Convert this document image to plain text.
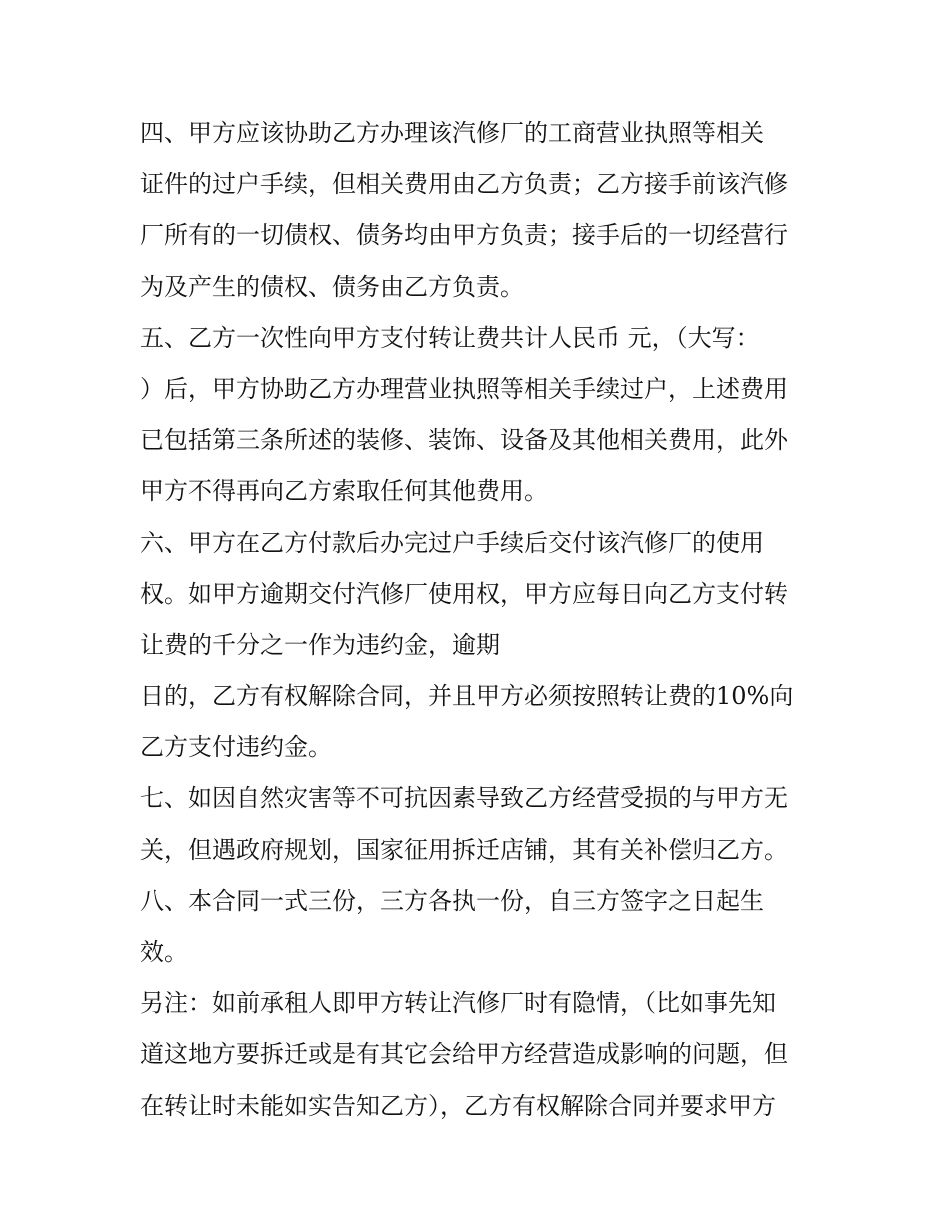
四、甲方应该协助乙方办理该汽修厂的工商营业执照等相关
证件的过户手续，但相关费用由乙方负责；乙方接手前该汽修
厂所有的一切债权、债务均由甲方负责；接手后的一切经营行
为及产生的债权、债务由乙方负责。
五、乙方一次性向甲方支付转让费共计人民币 元，（大写：
）后，甲方协助乙方办理营业执照等相关手续过户，上述费用
已包括第三条所述的装修、装饰、设备及其他相关费用，此外
甲方不得再向乙方索取任何其他费用。
六、甲方在乙方付款后办完过户手续后交付该汽修厂的使用
权。如甲方逾期交付汽修厂使用权，甲方应每日向乙方支付转
让费的千分之一作为违约金，逾期
日的，乙方有权解除合同，并且甲方必须按照转让费的10%向
乙方支付违约金。
七、如因自然灾害等不可抗因素导致乙方经营受损的与甲方无
关，但遇政府规划，国家征用拆迁店铺，其有关补偿归乙方。
八、本合同一式三份，三方各执一份，自三方签字之日起生
效。
另注：如前承租人即甲方转让汽修厂时有隐情，（比如事先知
道这地方要拆迁或是有其它会给甲方经营造成影响的问题，但
在转让时未能如实告知乙方），乙方有权解除合同并要求甲方
